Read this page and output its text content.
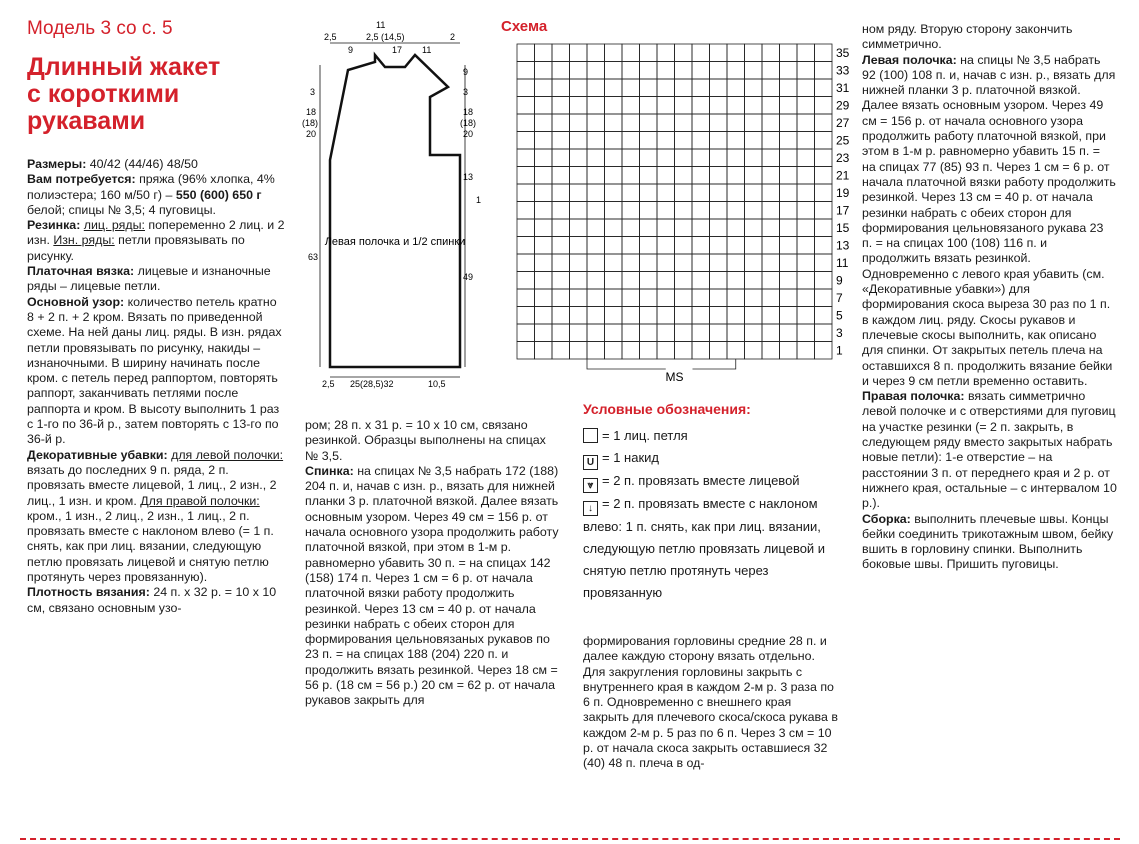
Модель 3 со с. 5
Длинный жакет
с короткими
рукавами

Размеры: 40/42 (44/46) 48/50

Вам потребуется: пряжа (96% хлопка, 4% полиэстера; 160 м/50 г) – 550 (600) 650 г белой; спицы № 3,5; 4 пуговицы.

Резинка: лиц. ряды: попеременно 2 лиц. и 2 изн. Изн. ряды: петли провязывать по рисунку.

Платочная вязка: лицевые и изнаночные ряды – лицевые петли.

Основной узор: количество петель кратно 8 + 2 п. + 2 кром. Вязать по приведенной схеме. На ней даны лиц. ряды. В изн. рядах петли провязывать по рисунку, накиды – изнаночными. В ширину начинать после кром. с петель перед раппортом, повторять раппорт, заканчивать петлями после раппорта и кром. В высоту выполнить 1 раз с 1-го по 36-й р., затем повторять с 13-го по 36-й р.

Декоративные убавки: для левой полочки: вязать до последних 9 п. ряда, 2 п. провязать вместе лицевой, 1 лиц., 2 изн., 2 лиц., 1 изн. и кром. Для правой полочки: кром., 1 изн., 2 лиц., 2 изн., 1 лиц., 2 п. провязать вместе с наклоном влево (= 1 п. снять, как при лиц. вязании, следующую петлю провязать лицевой и снятую петлю протянуть через провязанную).

Плотность вязания: 24 п. x 32 р. = 10 x 10 см, связано основным узо-

2,5
11
2,5 (14,5)	2
9	17 11
3
18
(18)
20
63
9
3
18
(18)
20
13
1
49
2,5 25(28,5)32	10,5
Левая полочка и 1/2 спинки
Схема
35
33
31
29
27
25
23
21
19
17
15
13
11
9
7
5
3
1
MS
Условные обозначения:
= 1 лиц. петля
U = 1 накид
⩔ = 2 п. провязать вместе лицевой
↓ = 2 п. провязать вместе с наклоном влево: 1 п. снять, как при лиц. вязании, следующую петлю провязать лицевой и снятую петлю протянуть через провязанную

ром; 28 п. x 31 р. = 10 x 10 см, связано резинкой. Образцы выполнены на спицах № 3,5.

Спинка: на спицах № 3,5 набрать 172 (188) 204 п. и, начав с изн. р., вязать для нижней планки 3 р. платочной вязкой. Далее вязать основным узором. Через 49 см = 156 р. от начала основного узора продолжить работу платочной вязкой, при этом в 1-м р. равномерно убавить 30 п. = на спицах 142 (158) 174 п. Через 1 см = 6 р. от начала платочной вязки работу продолжить резинкой. Через 13 см = 40 р. от начала резинки набрать с обеих сторон для формирования цельновязаных рукавов по 23 п. = на спицах 188 (204) 220 п. и продолжить вязать резинкой. Через 18 см = 56 р. (18 см = 56 р.) 20 см = 62 р. от начала рукавов закрыть для

формирования горловины средние 28 п. и далее каждую сторону вязать отдельно. Для закругления горловины закрыть с внутреннего края в каждом 2-м р. 3 раза по 6 п. Одновременно с внешнего края закрыть для плечевого скоса/скоса рукава в каждом 2-м р. 5 раз по 6 п. Через 3 см = 10 р. от начала скоса закрыть оставшиеся 32 (40) 48 п. плеча в од-

ном ряду. Вторую сторону закончить симметрично.

Левая полочка: на спицы № 3,5 набрать 92 (100) 108 п. и, начав с изн. р., вязать для нижней планки 3 р. платочной вязкой. Далее вязать основным узором. Через 49 см = 156 р. от начала основного узора продолжить работу платочной вязкой, при этом в 1-м р. равномерно убавить 15 п. = на спицах 77 (85) 93 п. Через 1 см = 6 р. от начала платочной вязки работу продолжить резинкой. Через 13 см = 40 р. от начала резинки набрать с обеих сторон для формирования цельновязаного рукава 23 п. = на спицах 100 (108) 116 п. и продолжить вязать резинкой. Одновременно с левого края убавить (см. «Декоративные убавки») для формирования скоса выреза 30 раз по 1 п. в каждом лиц. ряду. Скосы рукавов и плечевые скосы выполнить, как описано для спинки. От закрытых петель плеча на оставшихся 8 п. продолжить вязание бейки и через 9 см петли временно оставить.

Правая полочка: вязать симметрично левой полочке и с отверстиями для пуговиц на участке резинки (= 2 п. закрыть, в следующем ряду вместо закрытых набрать новые петли): 1-е отверстие – на расстоянии 3 п. от переднего края и 2 р. от нижнего края, остальные – с интервалом 10 р.).

Сборка: выполнить плечевые швы. Концы бейки соединить трикотажным швом, бейку вшить в горловину спинки. Выполнить боковые швы. Пришить пуговицы.
